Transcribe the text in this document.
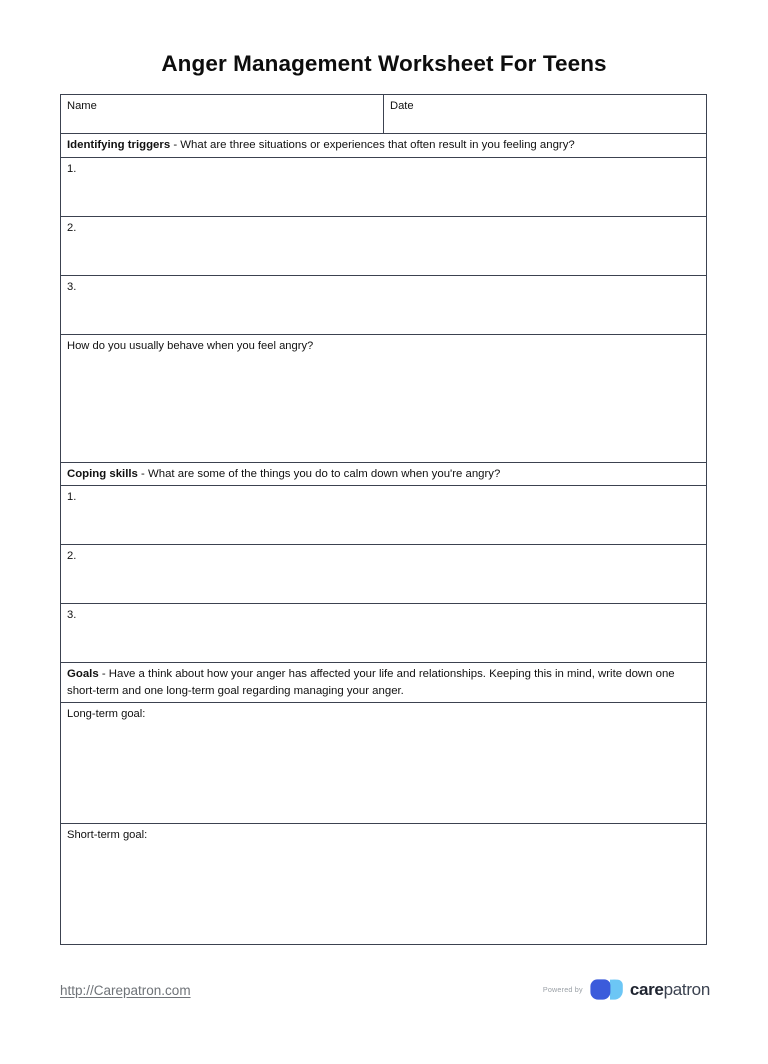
Anger Management Worksheet For Teens
Name	Date

Identifying triggers - What are three situations or experiences that often result in you feeling angry?

1.

2.

3.

How do you usually behave when you feel angry?

Coping skills - What are some of the things you do to calm down when you're angry?

1.

2.

3.

Goals - Have a think about how your anger has affected your life and relationships. Keeping this in mind, write down one short-term and one long-term goal regarding managing your anger.

Long-term goal:

Short-term goal:
http://Carepatron.com	Powered by	carepatron
